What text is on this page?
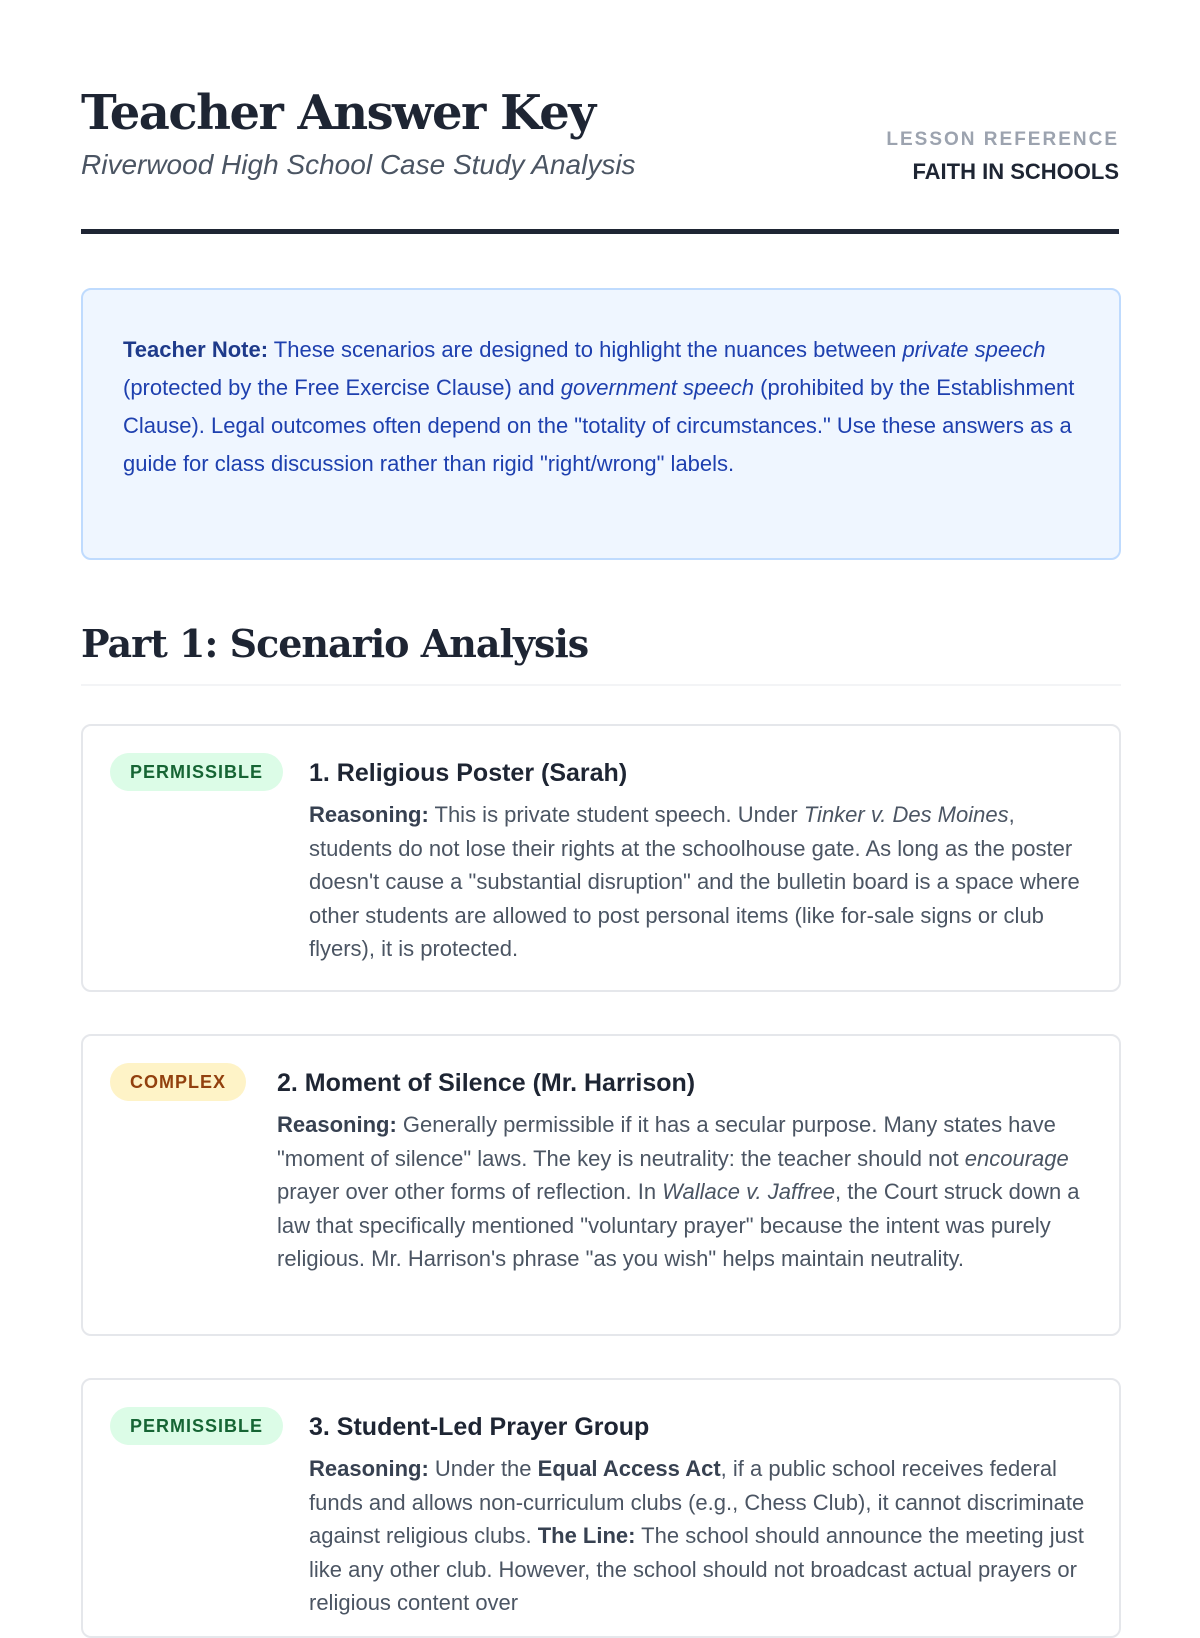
Teacher Answer Key
Riverwood High School Case Study Analysis
LESSON REFERENCE
FAITH IN SCHOOLS
Teacher Note: These scenarios are designed to highlight the nuances between private speech (protected by the Free Exercise Clause) and government speech (prohibited by the Establishment Clause). Legal outcomes often depend on the "totality of circumstances." Use these answers as a guide for class discussion rather than rigid "right/wrong" labels.
Part 1: Scenario Analysis
PERMISSIBLE	1. Religious Poster (Sarah)

Reasoning: This is private student speech. Under Tinker v. Des Moines, students do not lose their rights at the schoolhouse gate. As long as the poster doesn't cause a "substantial disruption" and the bulletin board is a space where other students are allowed to post personal items (like for-sale signs or club flyers), it is protected.

COMPLEX	2. Moment of Silence (Mr. Harrison)

Reasoning: Generally permissible if it has a secular purpose. Many states have "moment of silence" laws. The key is neutrality: the teacher should not encourage prayer over other forms of reflection. In Wallace v. Jaffree, the Court struck down a law that specifically mentioned "voluntary prayer" because the intent was purely religious. Mr. Harrison's phrase "as you wish" helps maintain neutrality.

PERMISSIBLE	3. Student-Led Prayer Group

Reasoning: Under the Equal Access Act, if a public school receives federal funds and allows non-curriculum clubs (e.g., Chess Club), it cannot discriminate against religious clubs. The Line: The school should announce the meeting just like any other club. However, the school should not broadcast actual prayers or religious content over
